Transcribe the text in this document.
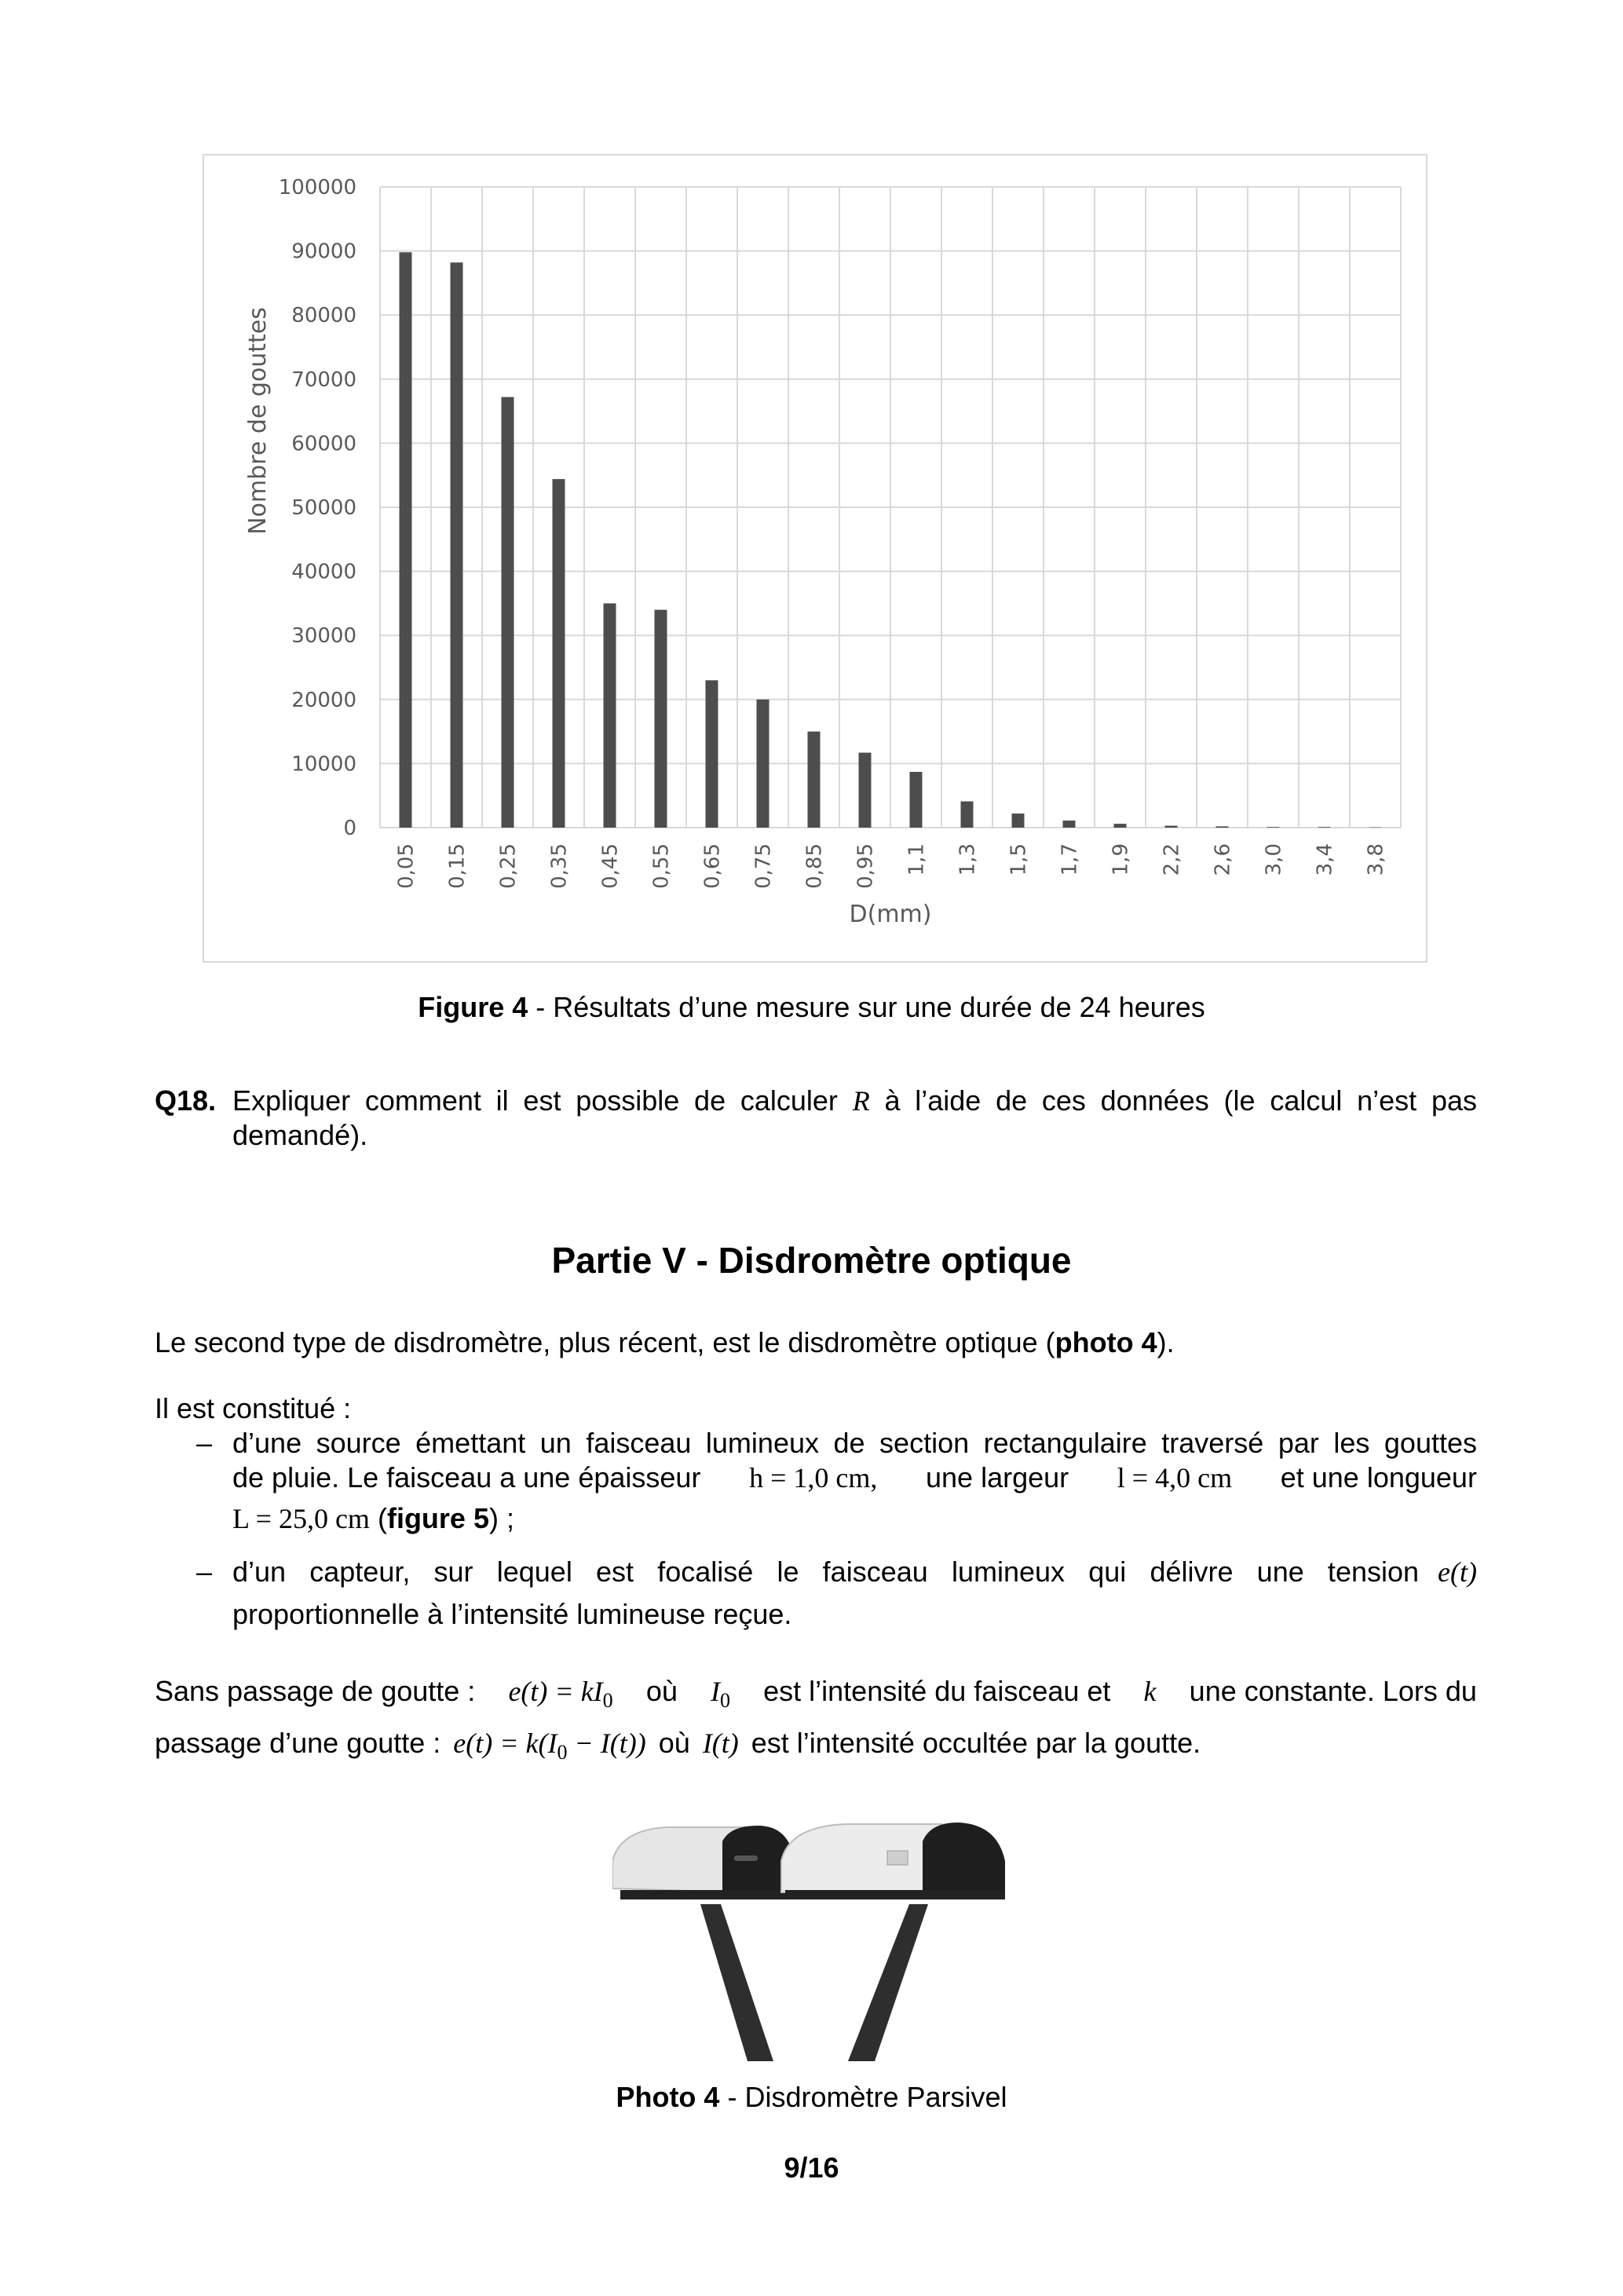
0
10000
20000
30000
40000
50000
60000
70000
80000
90000
100000
0,05 0,15 0,25 0,35 0,45 0,55 0,65 0,75 0,85 0,95 1,1 1,3 1,5 1,7 1,9 2,2 2,6 3,0 3,4 3,8
D(mm)
Nombre de gouttes
Figure 4 - Résultats d’une mesure sur une durée de 24 heures
Q18. Expliquer comment il est possible de calculer R à l’aide de ces données (le calcul n’est pas
demandé).
Partie V - Disdromètre optique
Le second type de disdromètre, plus récent, est le disdromètre optique (photo 4).
Il est constitué :
– d’une source émettant un faisceau lumineux de section rectangulaire traversé par les gouttes
de pluie. Le faisceau a une épaisseur h = 1,0 cm, une largeur l = 4,0 cm et une longueur
L = 25,0 cm (figure 5) ;
– d’un capteur, sur lequel est focalisé le faisceau lumineux qui délivre une tension e(t)
proportionnelle à l’intensité lumineuse reçue.
Sans passage de goutte : $e(t) = kI_0$ où $I_0$ est l’intensité du faisceau et k une constante. Lors du
passage d’une goutte : $e(t) = k(I_0 - I(t))$ où I(t) est l’intensité occultée par la goutte.
Photo 4 - Disdromètre Parsivel
9/16
